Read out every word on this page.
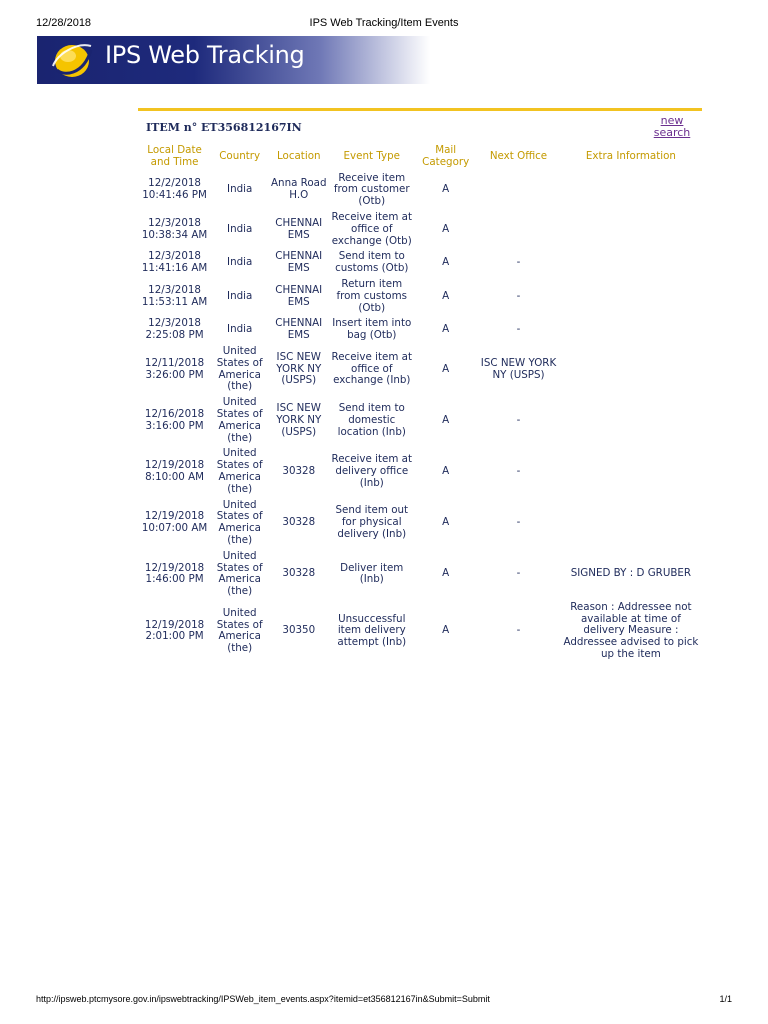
12/28/2018	IPS Web Tracking/Item Events
IPS Web Tracking
ITEM n° ET356812167IN
new search
Local Date and Time	Country	Location	Event Type	Mail Category	Next Office	Extra Information
12/2/2018 10:41:46 PM	India	Anna Road H.O	Receive item from customer (Otb)	A		
12/3/2018 10:38:34 AM	India	CHENNAI EMS	Receive item at office of exchange (Otb)	A		
12/3/2018 11:41:16 AM	India	CHENNAI EMS	Send item to customs (Otb)	A	-	
12/3/2018 11:53:11 AM	India	CHENNAI EMS	Return item from customs (Otb)	A	-	
12/3/2018 2:25:08 PM	India	CHENNAI EMS	Insert item into bag (Otb)	A	-	
12/11/2018 3:26:00 PM	United States of America (the)	ISC NEW YORK NY (USPS)	Receive item at office of exchange (Inb)	A	ISC NEW YORK NY (USPS)	
12/16/2018 3:16:00 PM	United States of America (the)	ISC NEW YORK NY (USPS)	Send item to domestic location (Inb)	A	-	
12/19/2018 8:10:00 AM	United States of America (the)	30328	Receive item at delivery office (Inb)	A	-	
12/19/2018 10:07:00 AM	United States of America (the)	30328	Send item out for physical delivery (Inb)	A	-	
12/19/2018 1:46:00 PM	United States of America (the)	30328	Deliver item (Inb)	A	-	SIGNED BY : D GRUBER
12/19/2018 2:01:00 PM	United States of America (the)	30350	Unsuccessful item delivery attempt (Inb)	A	-	Reason : Addressee not available at time of delivery Measure : Addressee advised to pick up the item
http://ipsweb.ptcmysore.gov.in/ipswebtracking/IPSWeb_item_events.aspx?itemid=et356812167in&Submit=Submit	1/1
